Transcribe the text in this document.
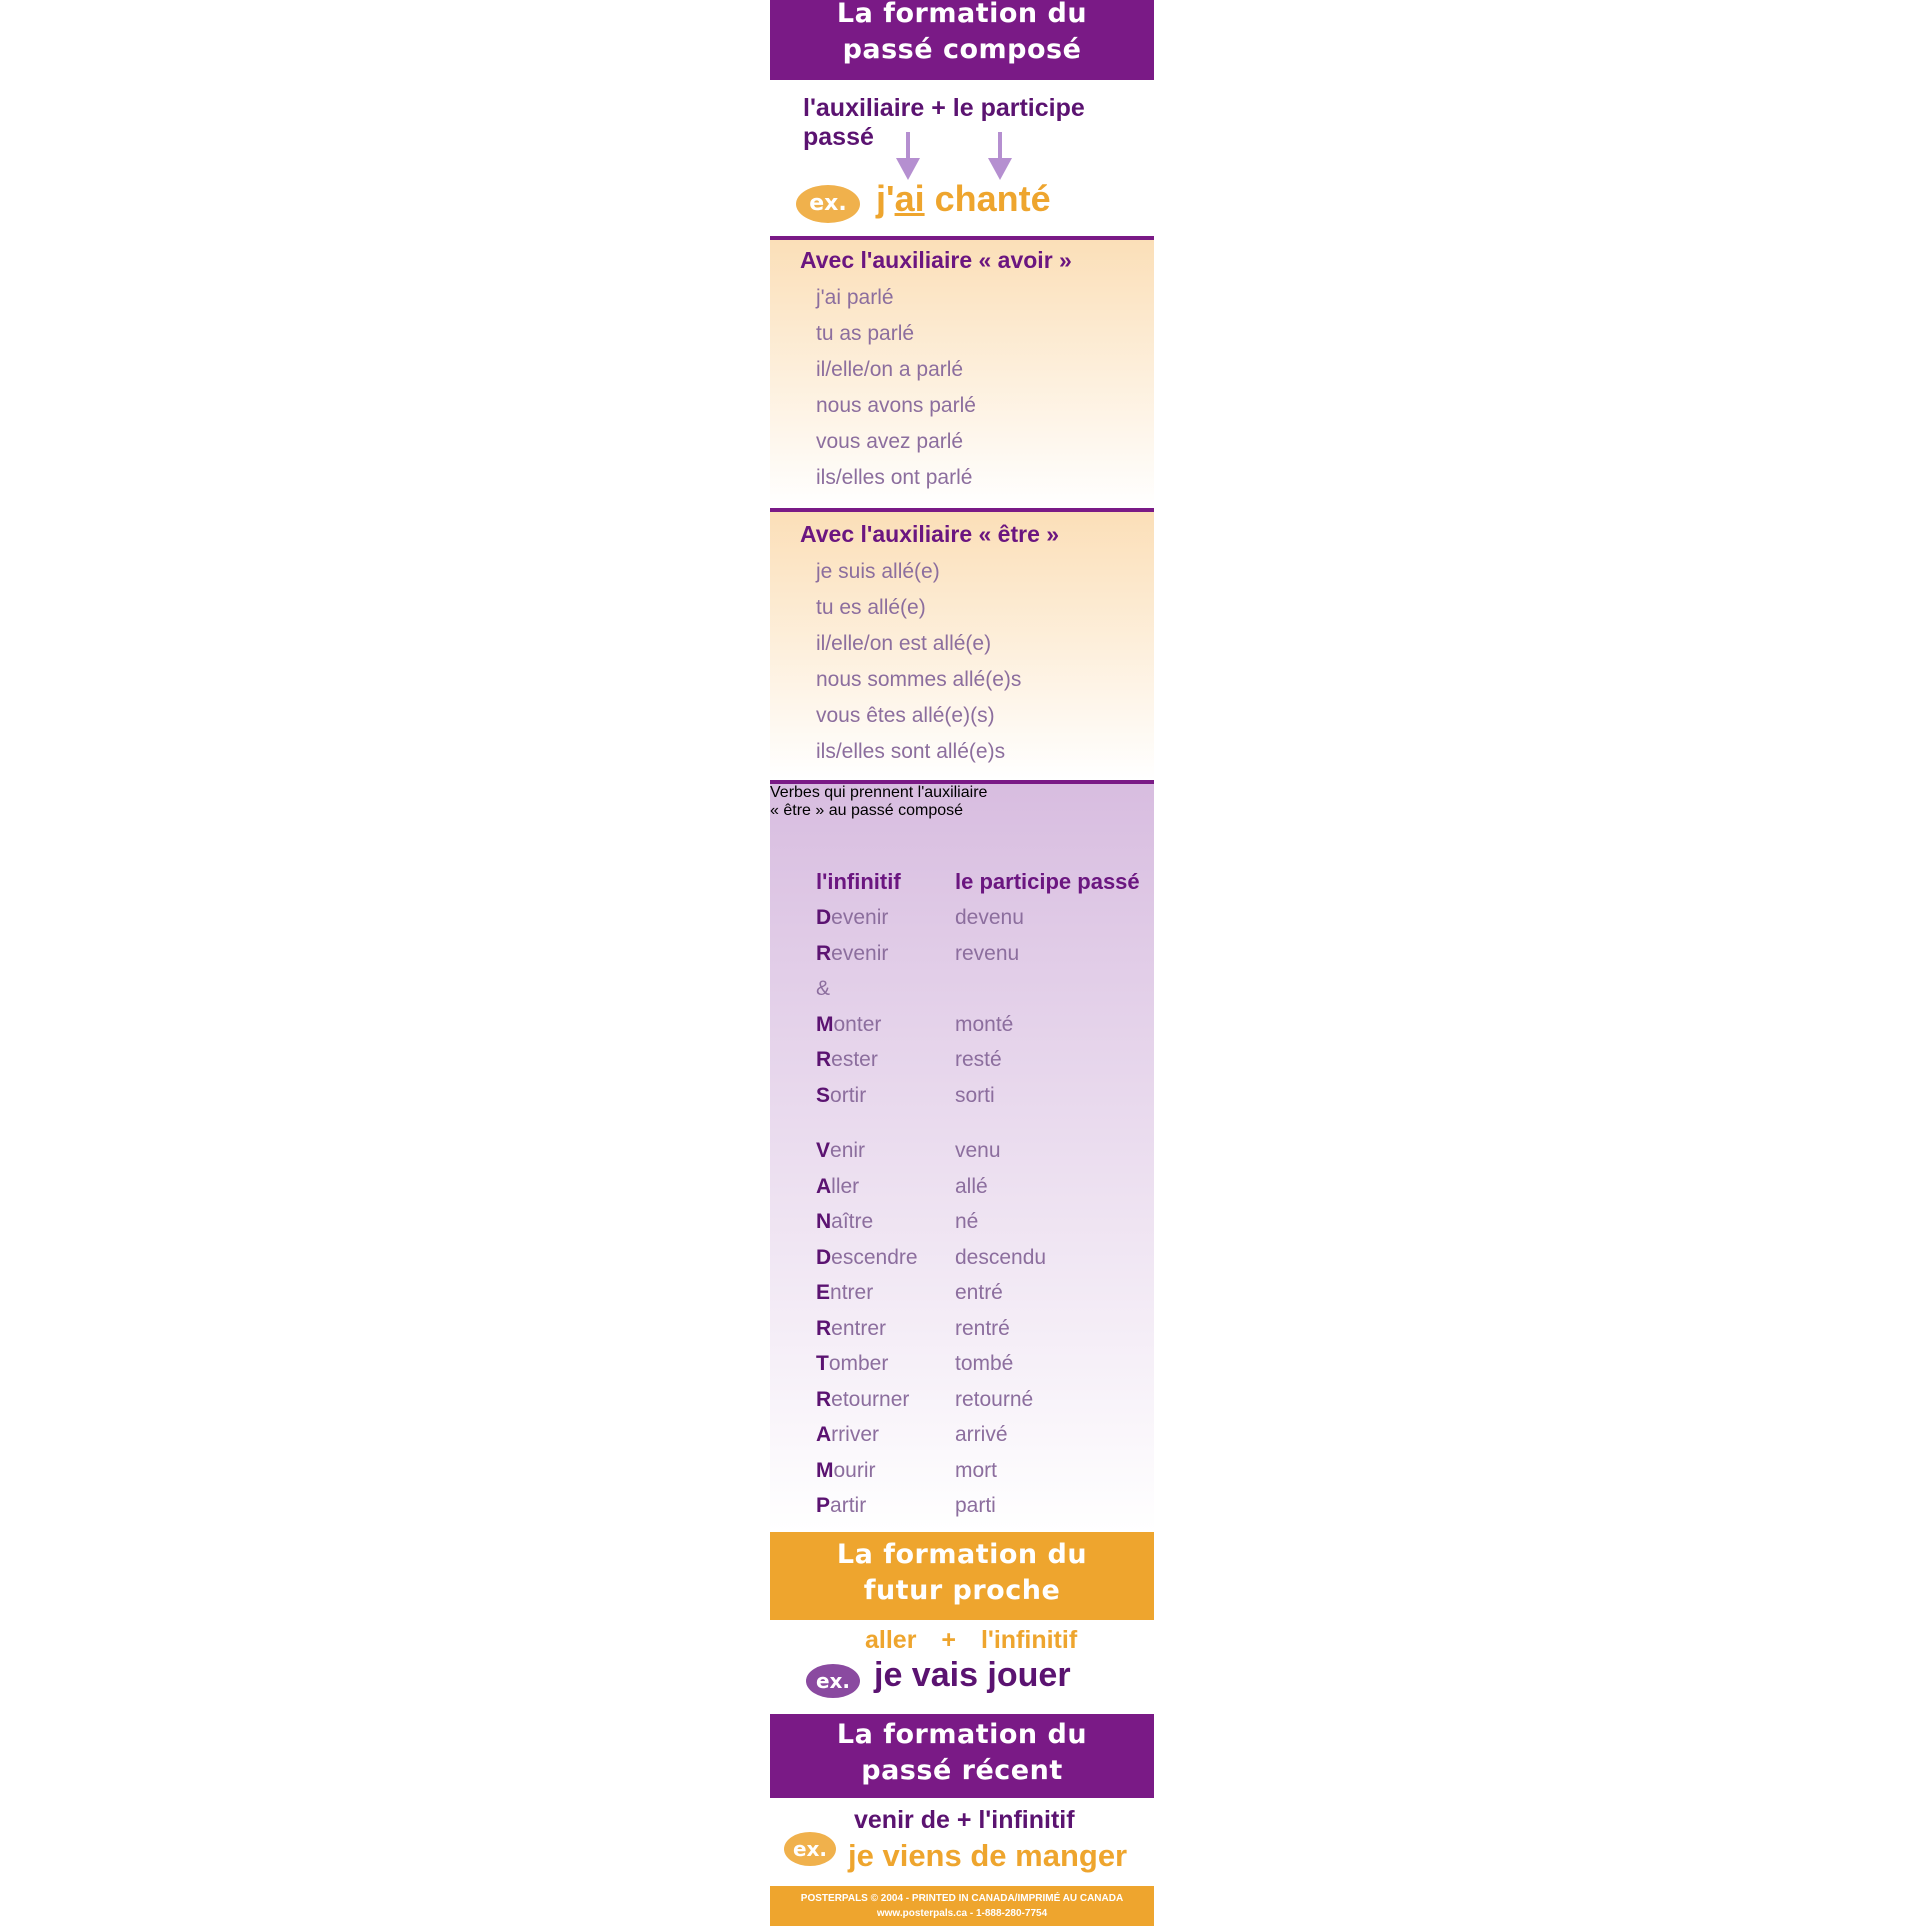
La formation du
passé composé
l'auxiliaire + le participe passé
ex. j'ai chanté
Avec l'auxiliaire « avoir »
j'ai parlé
tu as parlé
il/elle/on a parlé
nous avons parlé
vous avez parlé
ils/elles ont parlé
Avec l'auxiliaire « être »
je suis allé(e)
tu es allé(e)
il/elle/on est allé(e)
nous sommes allé(e)s
vous êtes allé(e)(s)
ils/elles sont allé(e)s
Verbes qui prennent l'auxiliaire
« être » au passé composé
l'infinitif le participe passé
Devenir	devenu
Revenir	revenu
&
Monter	monté
Rester	resté
Sortir	sorti
Venir	venu
Aller	allé
Naître	né
Descendre descendu
Entrer	entré
Rentrer	rentré
Tomber	tombé
Retourner retourné
Arriver	arrivé
Mourir	mort
Partir	parti
La formation du
futur proche
aller + l'infinitif
ex. je vais jouer
La formation du
passé récent
venir de + l'infinitif
ex. je viens de manger
POSTERPALS © 2004 - PRINTED IN CANADA/IMPRIMÉ AU CANADA
www.posterpals.ca - 1-888-280-7754
